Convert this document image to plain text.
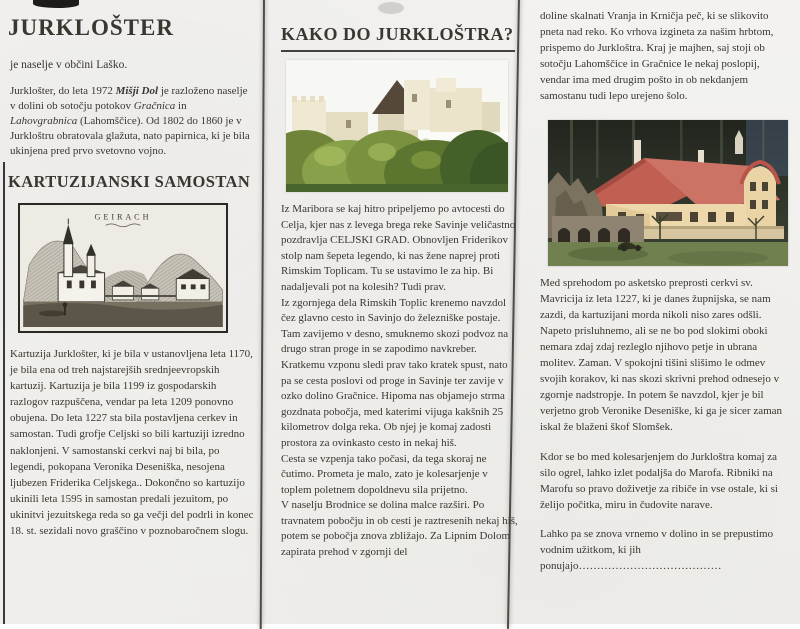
JURKLOŠTER
je naselje v občini Laško.

Jurklošter, do leta 1972 Mišji Dol je razloženo naselje v dolini ob sotočju potokov Gračnica in Lahovgrabnica (Lahomščice). Od 1802 do 1860 je v Jurkloštru obratovala glažuta, nato papirnica, ki je bila ukinjena pred prvo svetovno vojno.

KARTUZIJANSKI SAMOSTAN
GEIRACH

Kartuzija Jurklošter, ki je bila v ustanovljena leta 1170, je bila ena od treh najstarejših srednjeevropskih kartuzij. Kartuzija je bila 1199 iz gospodarskih razlogov razpuščena, vendar pa leta 1209 ponovno obujena. Do leta 1227 sta bila postavljena cerkev in samostan. Tudi grofje Celjski so bili kartuziji izredno naklonjeni. V samostanski cerkvi naj bi bila, po legendi, pokopana Veronika Deseniška, nesojena ljubezen Friderika Celjskega.. Dokončno so kartuzijo ukinili leta 1595 in samostan predali jezuitom, po ukinitvi jezuitskega reda so ga večji del podrli in konec 18. st. sezidali novo graščino v poznobaročnem slogu.

KAKO DO JURKLOŠTRA?

Iz Maribora se kaj hitro pripeljemo po avtocesti do Celja, kjer nas z levega brega reke Savinje veličastno pozdravlja CELJSKI GRAD. Obnovljen Friderikov stolp nam šepeta legendo, ki nas žene naprej proti Rimskim Toplicam. Tu se ustavimo le za hip. Bi nadaljevali pot na kolesih? Tudi prav.

Iz zgornjega dela Rimskih Toplic krenemo navzdol čez glavno cesto in Savinjo do železniške postaje. Tam zavijemo v desno, smuknemo skozi podvoz na drugo stran proge in se zapodimo navkreber. Kratkemu vzponu sledi prav tako kratek spust, nato pa se cesta poslovi od proge in Savinje ter zavije v ozko dolino Gračnice. Hipoma nas objamejo strma gozdnata pobočja, med katerimi vijuga kakšnih 25 kilometrov dolga reka. Ob njej je komaj zadosti prostora za ovinkasto cesto in nekaj hiš.

Cesta se vzpenja tako počasi, da tega skoraj ne čutimo. Prometa je malo, zato je kolesarjenje v toplem poletnem dopoldnevu sila prijetno.

V naselju Brodnice se dolina malce razširi. Po travnatem pobočju in ob cesti je raztresenih nekaj hiš, potem se pobočja znova zbližajo. Za Lipnim Dolom zapirata prehod v zgornji del

doline skalnati Vranja in Krničja peč, ki se slikovito pneta nad reko. Ko vrhova izgineta za našim hrbtom, prispemo do Jurkloštra. Kraj je majhen, saj stoji ob sotočju Lahomščice in Gračnice le nekaj poslopij, vendar ima med drugim pošto in ob nekdanjem samostanu tudi lepo urejeno šolo.

Med sprehodom po asketsko preprosti cerkvi sv. Mavricija iz leta 1227, ki je danes župnijska, se nam zazdi, da kartuzijani morda nikoli niso zares odšli. Napeto prisluhnemo, ali se ne bo pod slokimi oboki nemara zdaj zdaj rezleglo njihovo petje in ubrana molitev. Zaman. V spokojni tišini slišimo le odmev svojih korakov, ki nas skozi skrivni prehod odnesejo v zgornje nadstropje. In potem še navzdol, kjer je bil verjetno grob Veronike Deseniške, ki ga je sicer zaman iskal že blaženi škof Slomšek.

Kdor se bo med kolesarjenjem do Jurkloštra komaj za silo ogrel, lahko izlet podaljša do Marofa. Ribniki na Marofu so pravo doživetje za ribiče in vse ostale, ki si želijo počitka, miru in čudovite narave.

Lahko pa se znova vrnemo v dolino in se prepustimo vodnim užitkom, ki jih ponujajo…………………………………
